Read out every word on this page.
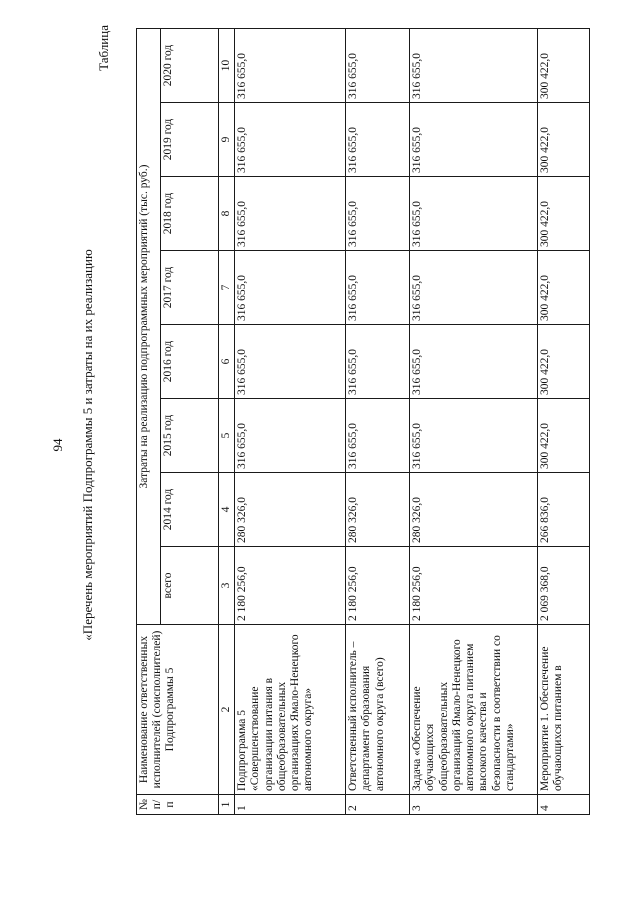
94

Таблица

«Перечень мероприятий Подпрограммы 5 и затраты на их реализацию

№ п/п	Наименование ответственных исполнителей (соисполнителей) Подпрограммы 5	Затраты на реализацию подпрограммных мероприятий (тыс. руб.)							
		всего	2014 год	2015 год	2016 год	2017 год	2018 год	2019 год	2020 год
1	2	3	4	5	6	7	8	9	10
1	Подпрограмма 5 «Совершенствование организации питания в общеобразовательных организациях Ямало-Ненецкого автономного округа»	2 180 256,0	280 326,0	316 655,0	316 655,0	316 655,0	316 655,0	316 655,0	316 655,0
2	Ответственный исполнитель – департамент образования автономного округа (всего)	2 180 256,0	280 326,0	316 655,0	316 655,0	316 655,0	316 655,0	316 655,0	316 655,0
3	Задача «Обеспечение обучающихся общеобразовательных организаций Ямало-Ненецкого автономного округа питанием высокого качества и безопасности в соответствии со стандартами»	2 180 256,0	280 326,0	316 655,0	316 655,0	316 655,0	316 655,0	316 655,0	316 655,0
4	Мероприятие 1. Обеспечение обучающихся питанием в	2 069 368,0	266 836,0	300 422,0	300 422,0	300 422,0	300 422,0	300 422,0	300 422,0
